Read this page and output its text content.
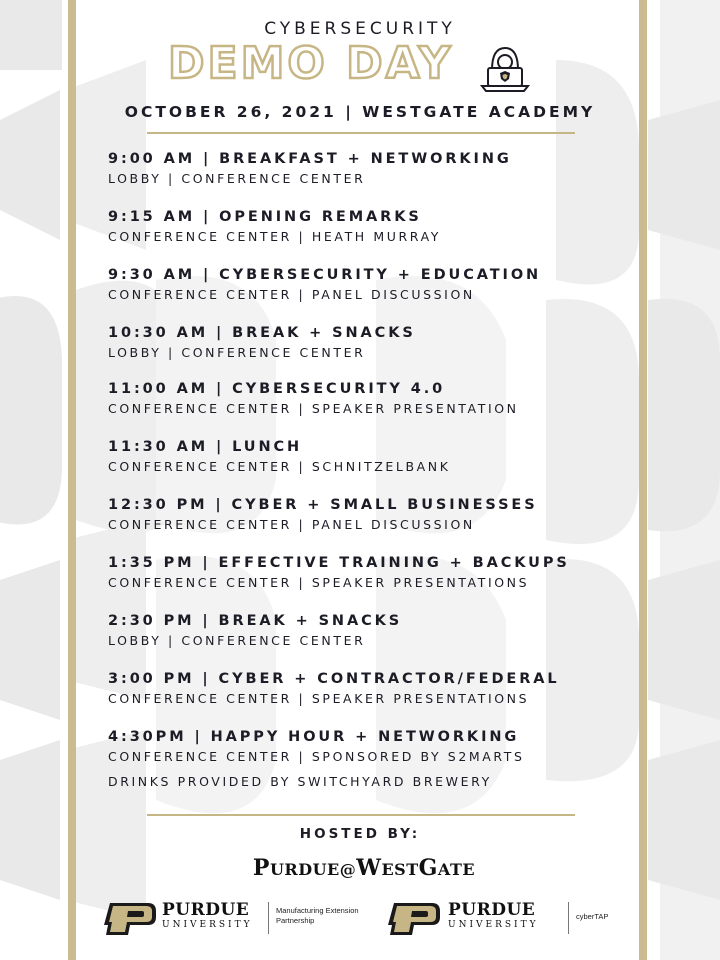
CYBERSECURITY
DEMO DAY
OCTOBER 26, 2021 | WESTGATE ACADEMY
9:00 AM | BREAKFAST + NETWORKING
LOBBY | CONFERENCE CENTER
9:15 AM | OPENING REMARKS
CONFERENCE CENTER | HEATH MURRAY
9:30 AM | CYBERSECURITY + EDUCATION
CONFERENCE CENTER | PANEL DISCUSSION
10:30 AM | BREAK + SNACKS
LOBBY | CONFERENCE CENTER
11:00 AM | CYBERSECURITY 4.0
CONFERENCE CENTER | SPEAKER PRESENTATION
11:30 AM | LUNCH
CONFERENCE CENTER | SCHNITZELBANK
12:30 PM | CYBER + SMALL BUSINESSES
CONFERENCE CENTER | PANEL DISCUSSION
1:35 PM | EFFECTIVE TRAINING + BACKUPS
CONFERENCE CENTER | SPEAKER PRESENTATIONS
2:30 PM | BREAK + SNACKS
LOBBY | CONFERENCE CENTER
3:00 PM | CYBER + CONTRACTOR/FEDERAL
CONFERENCE CENTER | SPEAKER PRESENTATIONS
4:30PM | HAPPY HOUR + NETWORKING
CONFERENCE CENTER | SPONSORED BY S2MARTS
DRINKS PROVIDED BY SWITCHYARD BREWERY
HOSTED BY:
PURDUE@WESTGATE
PURDUE
UNIVERSITY
Manufacturing Extension
Partnership
PURDUE
UNIVERSITY
cyberTAP
